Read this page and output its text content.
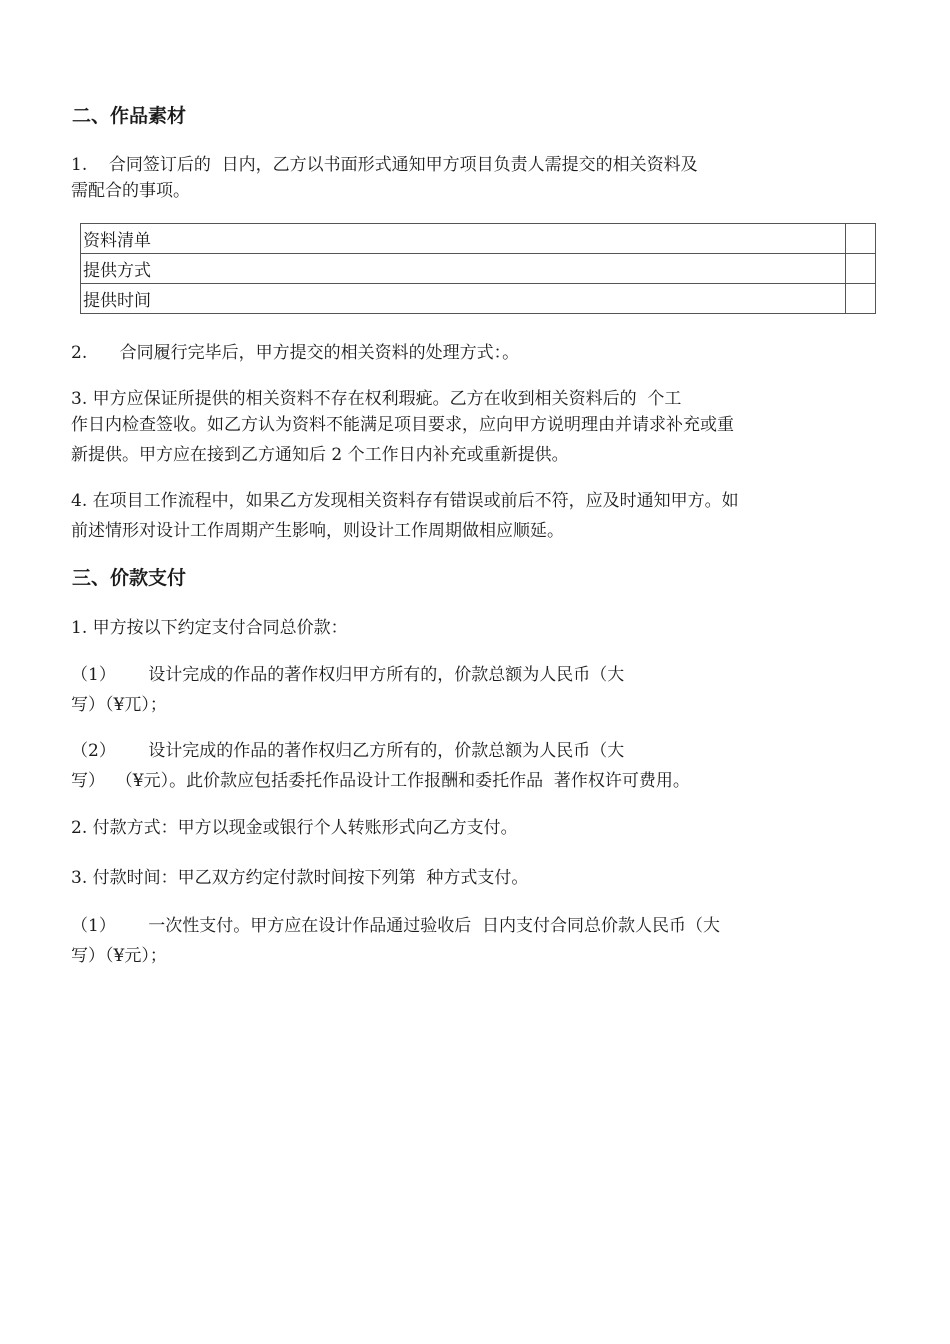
二、作品素材
1.    合同签订后的  日内，乙方以书面形式通知甲方项目负责人需提交的相关资料及
需配合的事项。
资料清单	
提供方式	
提供时间	
2.      合同履行完毕后，甲方提交的相关资料的处理方式：。
3. 甲方应保证所提供的相关资料不存在权利瑕疵。乙方在收到相关资料后的  个工
作日内检查签收。如乙方认为资料不能满足项目要求，应向甲方说明理由并请求补充或重
新提供。甲方应在接到乙方通知后 2 个工作日内补充或重新提供。
4. 在项目工作流程中，如果乙方发现相关资料存有错误或前后不符，应及时通知甲方。如
前述情形对设计工作周期产生影响，则设计工作周期做相应顺延。
三、价款支付
1. 甲方按以下约定支付合同总价款：
（1）      设计完成的作品的著作权归甲方所有的，价款总额为人民币（大
写）（¥兀）；
（2）      设计完成的作品的著作权归乙方所有的，价款总额为人民币（大
写）  （¥元）。此价款应包括委托作品设计工作报酬和委托作品  著作权许可费用。
2. 付款方式：甲方以现金或银行个人转账形式向乙方支付。
3. 付款时间：甲乙双方约定付款时间按下列第  种方式支付。
（1）      一次性支付。甲方应在设计作品通过验收后  日内支付合同总价款人民币（大
写）（¥元）；
